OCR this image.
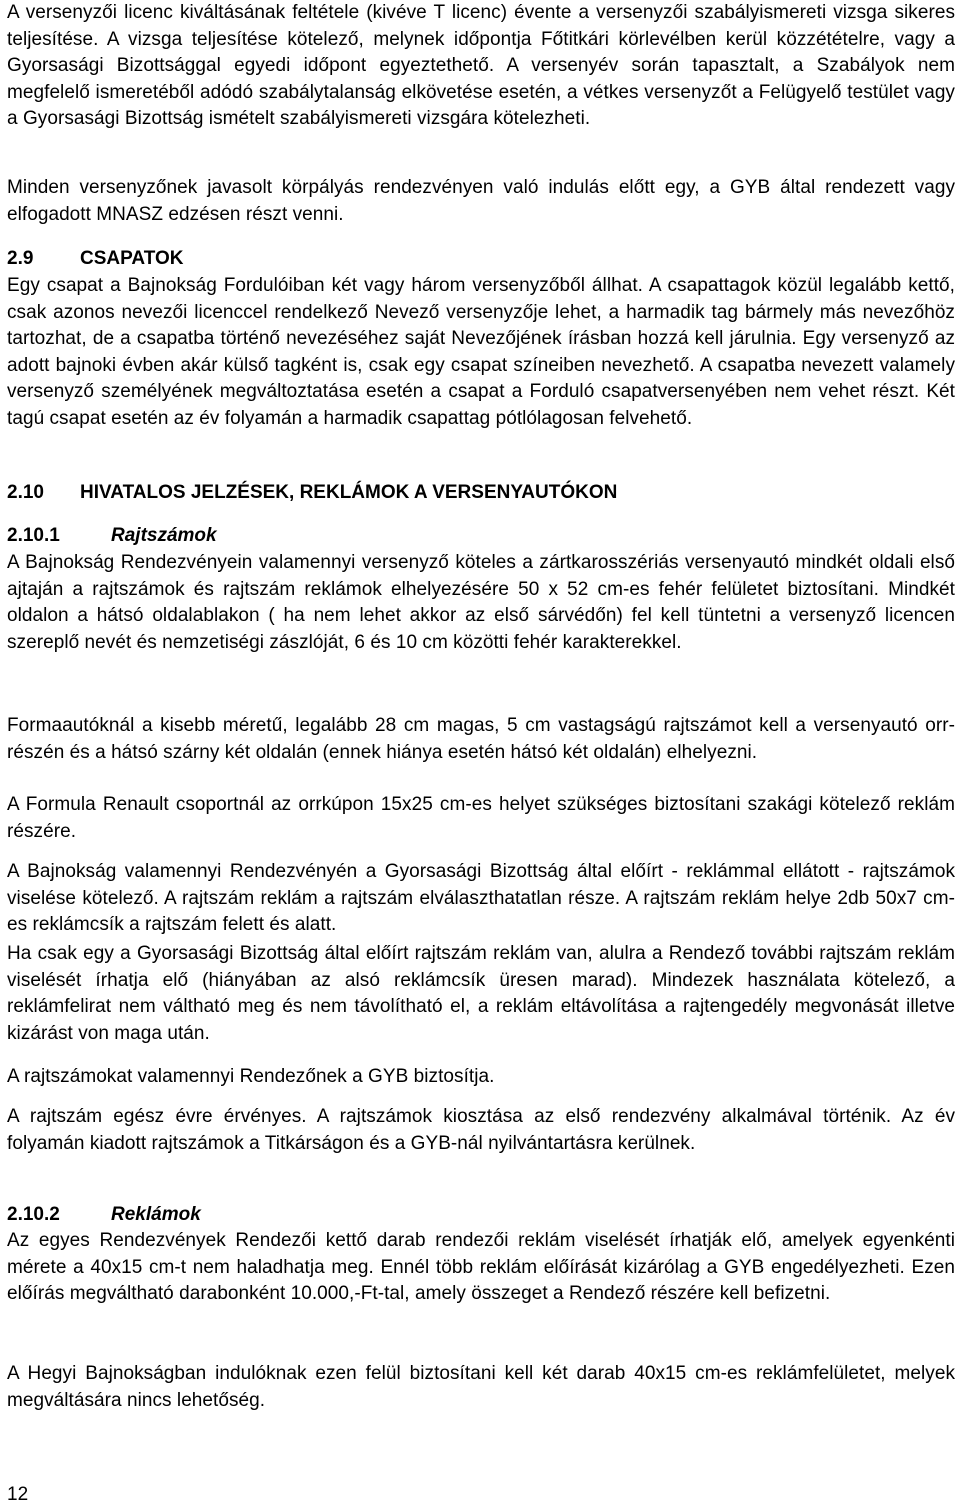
A versenyzői licenc kiváltásának feltétele (kivéve T licenc) évente a versenyzői szabályismereti vizsga sikeres teljesítése. A vizsga teljesítése kötelező, melynek időpontja Főtitkári körlevélben kerül közzétételre, vagy a Gyorsasági Bizottsággal egyedi időpont egyeztethető. A versenyév során tapasztalt, a Szabályok nem megfelelő ismeretéből adódó szabálytalanság elkövetése esetén, a vétkes versenyzőt a Felügyelő testület vagy a Gyorsasági Bizottság ismételt szabályismereti vizsgára kötelezheti.

Minden versenyzőnek javasolt körpályás rendezvényen való indulás előtt egy, a GYB által rendezett vagy elfogadott MNASZ edzésen részt venni.

2.9 CSAPATOK

Egy csapat a Bajnokság Fordulóiban két vagy három versenyzőből állhat. A csapattagok közül legalább kettő, csak azonos nevezői licenccel rendelkező Nevező versenyzője lehet, a harmadik tag bármely más nevezőhöz tartozhat, de a csapatba történő nevezéséhez saját Nevezőjének írásban hozzá kell járulnia. Egy versenyző az adott bajnoki évben akár külső tagként is, csak egy csapat színeiben nevezhető. A csapatba nevezett valamely versenyző személyének megváltoztatása esetén a csapat a Forduló csapatversenyében nem vehet részt. Két tagú csapat esetén az év folyamán a harmadik csapattag pótlólagosan felvehető.

2.10 HIVATALOS JELZÉSEK, REKLÁMOK A VERSENYAUTÓKON
2.10.1	Rajtszámok

A Bajnokság Rendezvényein valamennyi versenyző köteles a zártkarosszériás versenyautó mindkét oldali első ajtaján a rajtszámok és rajtszám reklámok elhelyezésére 50 x 52 cm-es fehér felületet biztosítani. Mindkét oldalon a hátsó oldalablakon ( ha nem lehet akkor az első sárvédőn) fel kell tüntetni a versenyző licencen szereplő nevét és nemzetiségi zászlóját, 6 és 10 cm közötti fehér karakterekkel.

Formaautóknál a kisebb méretű, legalább 28 cm magas, 5 cm vastagságú rajtszámot kell a versenyautó orr-részén és a hátsó szárny két oldalán (ennek hiánya esetén hátsó két oldalán) elhelyezni.

A Formula Renault csoportnál az orrkúpon 15x25 cm-es helyet szükséges biztosítani szakági kötelező reklám részére.

A Bajnokság valamennyi Rendezvényén a Gyorsasági Bizottság által előírt - reklámmal ellátott - rajtszámok viselése kötelező. A rajtszám reklám a rajtszám elválaszthatatlan része. A rajtszám reklám helye 2db 50x7 cm-es reklámcsík a rajtszám felett és alatt.

Ha csak egy a Gyorsasági Bizottság által előírt rajtszám reklám van, alulra a Rendező további rajtszám reklám viselését írhatja elő (hiányában az alsó reklámcsík üresen marad). Mindezek használata kötelező, a reklámfelirat nem váltható meg és nem távolítható el, a reklám eltávolítása a rajtengedély megvonását illetve kizárást von maga után.

A rajtszámokat valamennyi Rendezőnek a GYB biztosítja.

A rajtszám egész évre érvényes. A rajtszámok kiosztása az első rendezvény alkalmával történik. Az év folyamán kiadott rajtszámok a Titkárságon és a GYB-nál nyilvántartásra kerülnek.

2.10.2	Reklámok

Az egyes Rendezvények Rendezői kettő darab rendezői reklám viselését írhatják elő, amelyek egyenkénti mérete a 40x15 cm-t nem haladhatja meg. Ennél több reklám előírását kizárólag a GYB engedélyezheti. Ezen előírás megváltható darabonként 10.000,-Ft-tal, amely összeget a Rendező részére kell befizetni.

A Hegyi Bajnokságban indulóknak ezen felül biztosítani kell két darab 40x15 cm-es reklámfelületet, melyek megváltására nincs lehetőség.

12
